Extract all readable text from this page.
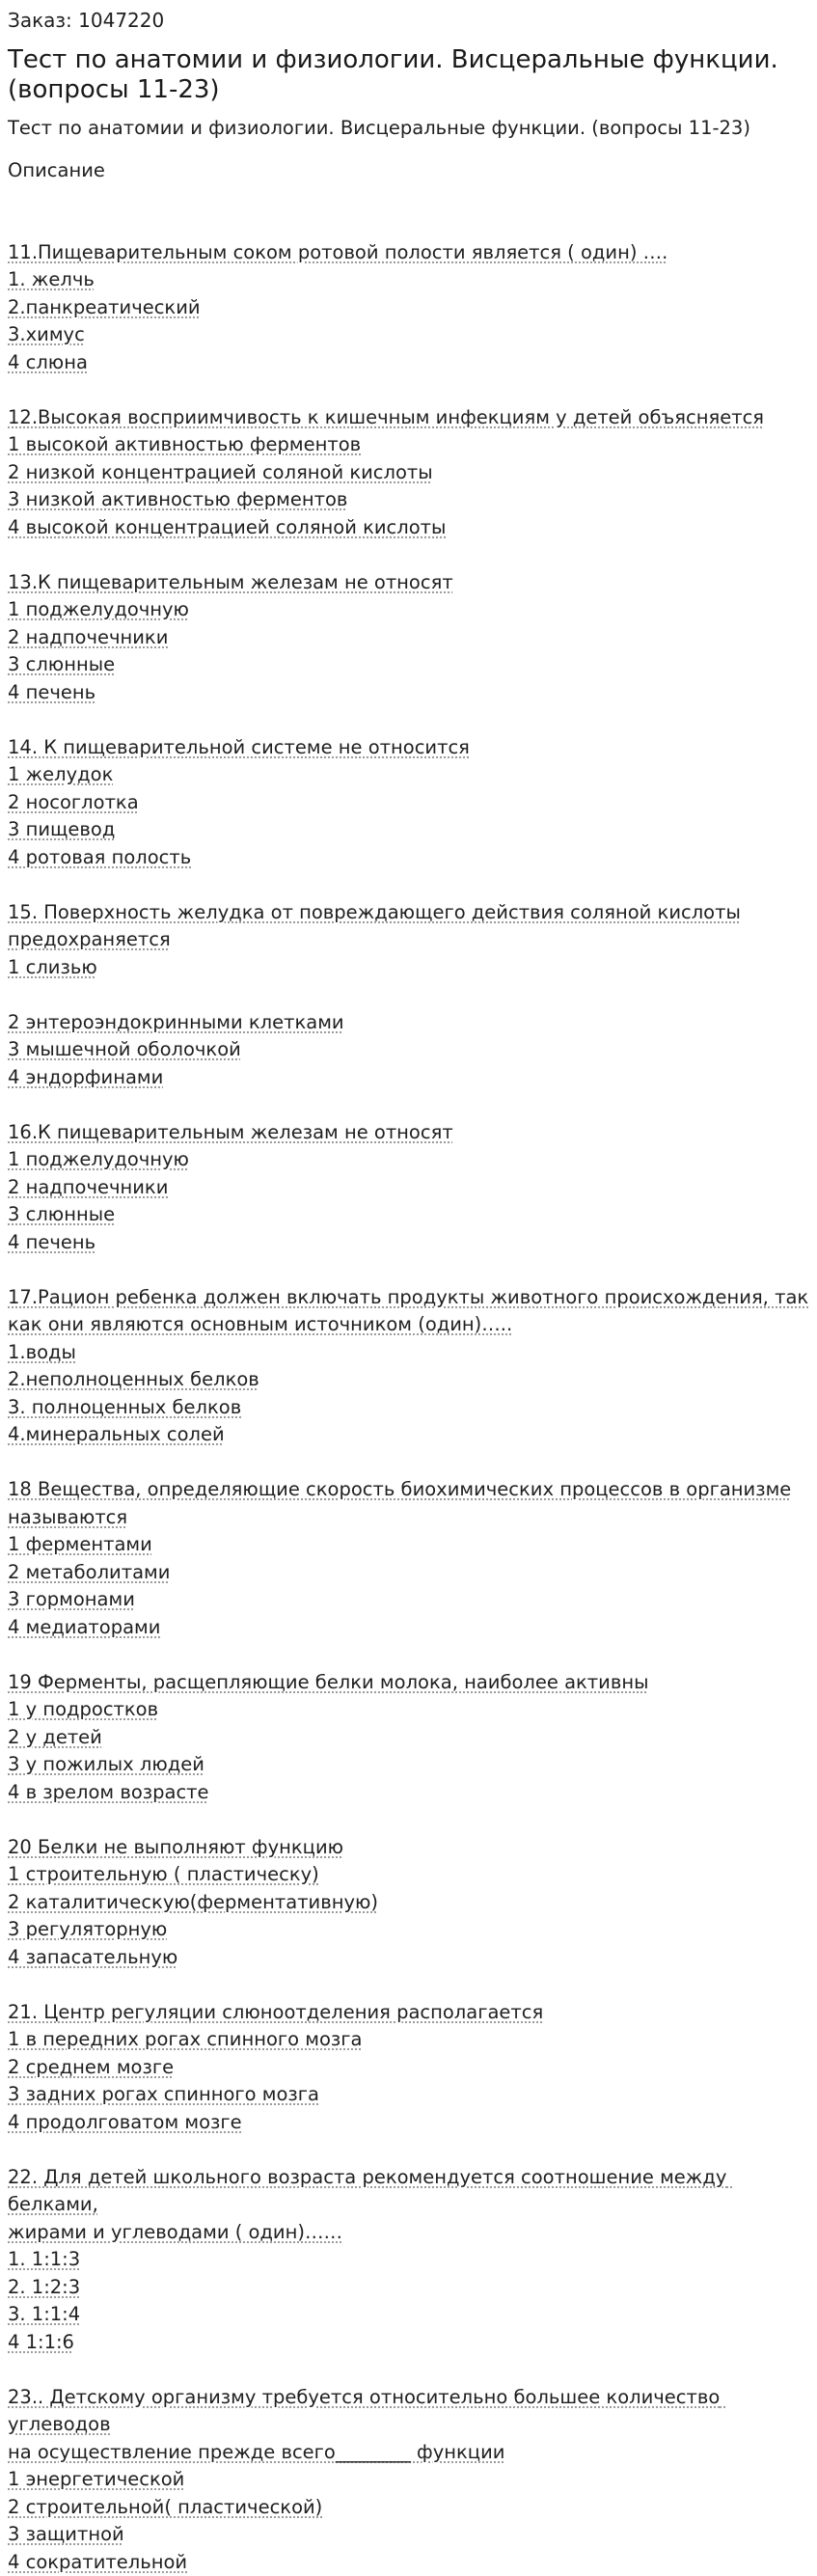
Заказ: 1047220

Тест по анатомии и физиологии. Висцеральные функции. (вопросы 11-23)

Тест по анатомии и физиологии. Висцеральные функции. (вопросы 11-23)

Описание

11.Пищеварительным соком ротовой полости является ( один) ….
1. желчь
2.панкреатический
3.химус
4 слюна
12.Высокая восприимчивость к кишечным инфекциям у детей объясняется
1 высокой активностью ферментов
2 низкой концентрацией соляной кислоты
3 низкой активностью ферментов
4 высокой концентрацией соляной кислоты
13.К пищеварительным железам не относят
1 поджелудочную
2 надпочечники
3 слюнные
4 печень
14. К пищеварительной системе не относится
1 желудок
2 носоглотка
3 пищевод
4 ротовая полость
15. Поверхность желудка от повреждающего действия соляной кислоты
предохраняется
1 слизью
2 энтероэндокринными клетками
3 мышечной оболочкой
4 эндорфинами
16.К пищеварительным железам не относят
1 поджелудочную
2 надпочечники
3 слюнные
4 печень
17.Рацион ребенка должен включать продукты животного происхождения, так
как они являются основным источником (один)…..
1.воды
2.неполноценных белков
3. полноценных белков
4.минеральных солей
18 Вещества, определяющие скорость биохимических процессов в организме
называются
1 ферментами
2 метаболитами
3 гормонами
4 медиаторами
19 Ферменты, расщепляющие белки молока, наиболее активны
1 у подростков
2 у детей
3 у пожилых людей
4 в зрелом возрасте
20 Белки не выполняют функцию
1 строительную ( пластическу)
2 каталитическую(ферментативную)
3 регуляторную
4 запасательную
21. Центр регуляции слюноотделения располагается
1 в передних рогах спинного мозга
2 среднем мозге
3 задних рогах спинного мозга
4 продолговатом мозге
22. Для детей школьного возраста рекомендуется соотношение между белками,
жирами и углеводами ( один)……
1. 1:1:3
2. 1:2:3
3. 1:1:4
4 1:1:6
23.. Детскому организму требуется относительно большее количество углеводов
на осуществление прежде всего________ функции
1 энергетической
2 строительной( пластической)
3 защитной
4 сократительной
